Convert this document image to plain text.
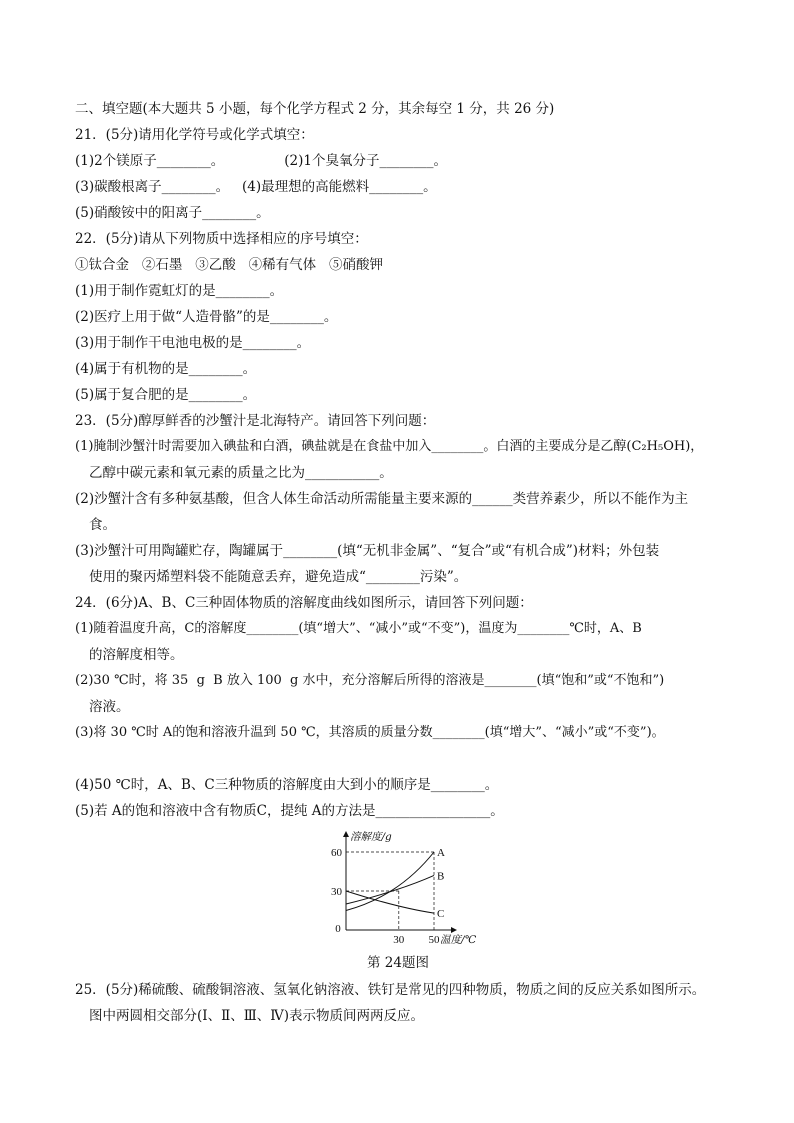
二、填空题(本大题共 5 小题，每个化学方程式 2 分，其余每空 1 分，共 26 分)
21．(5分)请用化学符号或化学式填空：
(1)2个镁原子________。              (2)1个臭氧分子________。
(3)碳酸根离子________。   (4)最理想的高能燃料________。
(5)硝酸铵中的阳离子________。
22．(5分)请从下列物质中选择相应的序号填空：
①钛合金   ②石墨   ③乙酸   ④稀有气体   ⑤硝酸钾
(1)用于制作霓虹灯的是________。
(2)医疗上用于做“人造骨骼”的是________。
(3)用于制作干电池电极的是________。
(4)属于有机物的是________。
(5)属于复合肥的是________。
23．(5分)醇厚鲜香的沙蟹汁是北海特产。请回答下列问题：
(1)腌制沙蟹汁时需要加入碘盐和白酒，碘盐就是在食盐中加入________。白酒的主要成分是乙醇(C₂H₅OH)，
乙醇中碳元素和氧元素的质量之比为___________。
(2)沙蟹汁含有多种氨基酸，但含人体生命活动所需能量主要来源的______类营养素少，所以不能作为主
食。
(3)沙蟹汁可用陶罐贮存，陶罐属于________(填“无机非金属”、“复合”或“有机合成”)材料；外包装
使用的聚丙烯塑料袋不能随意丢弃，避免造成“________污染”。
24．(6分)A、B、C三种固体物质的溶解度曲线如图所示，请回答下列问题：
(1)随着温度升高，C的溶解度________(填“增大”、“减小”或“不变”)，温度为________℃时，A、B
的溶解度相等。
(2)30 ℃时，将 35  g  B 放入 100  g 水中，充分溶解后所得的溶液是________(填“饱和”或“不饱和”)
溶液。
(3)将 30 ℃时 A的饱和溶液升温到 50 ℃，其溶质的质量分数________(填“增大”、“减小”或“不变”)。
(4)50 ℃时，A、B、C三种物质的溶解度由大到小的顺序是________。
(5)若 A的饱和溶液中含有物质C，提纯 A的方法是_________________。
A
B
C
30
60
0
30 50
溶解度/g
温度/℃
第 24题图
25．(5分)稀硫酸、硫酸铜溶液、氢氧化钠溶液、铁钉是常见的四种物质，物质之间的反应关系如图所示。
图中两圆相交部分(Ⅰ、Ⅱ、Ⅲ、Ⅳ)表示物质间两两反应。
